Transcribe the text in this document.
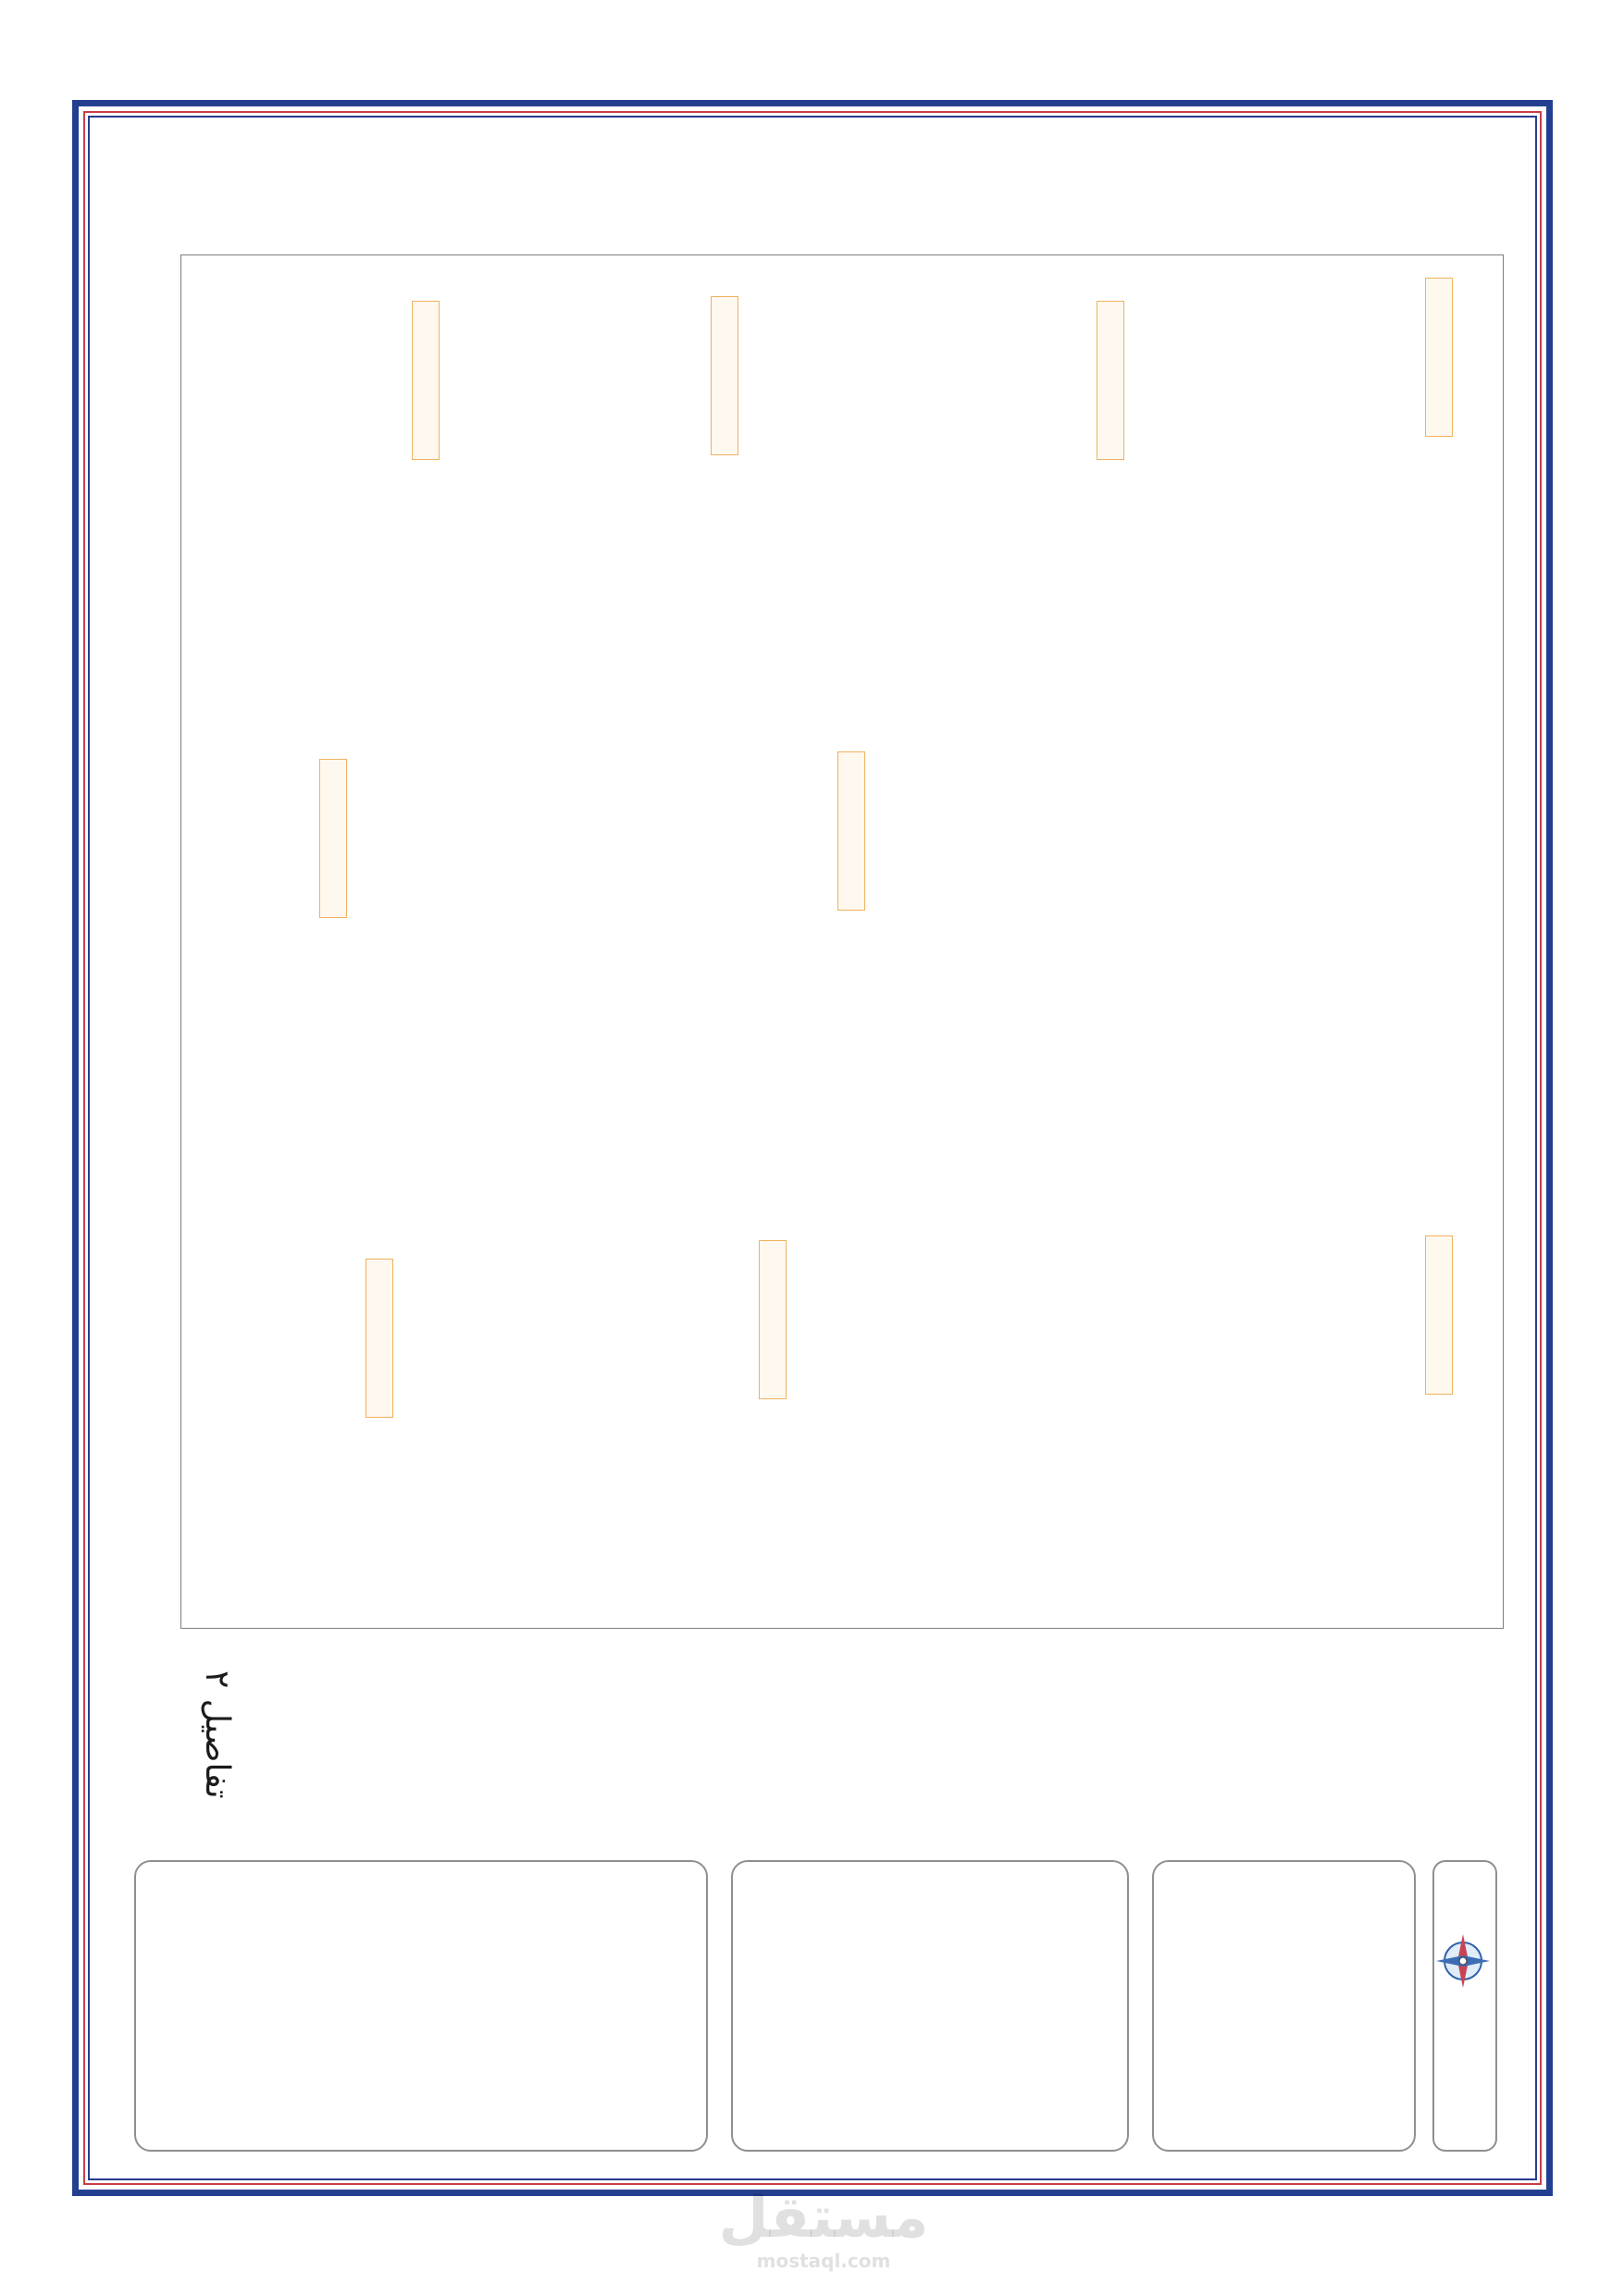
تفاصيل ٢
مستقل
mostaql.com
